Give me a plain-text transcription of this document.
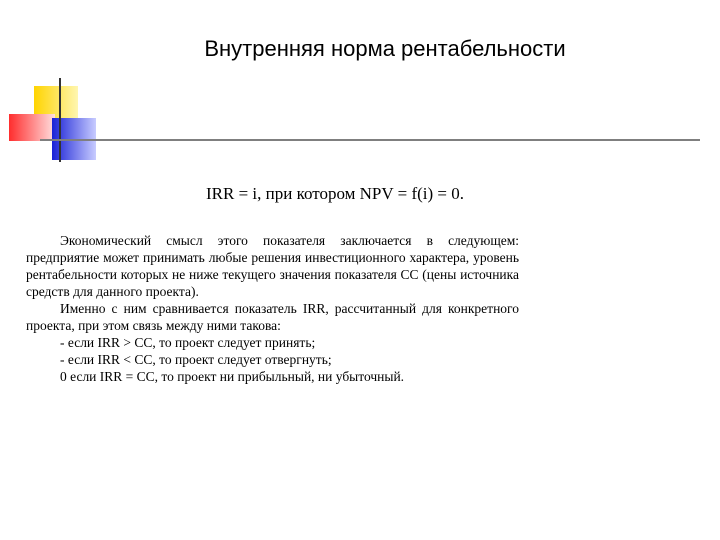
Внутренняя норма рентабельности
IRR = i, при котором NPV = f(i) = 0.

Экономический смысл этого показателя заключается в следующем: предприятие может принимать любые решения инвестиционного характера, уровень рентабельности которых не ниже текущего значения показателя СС (цены источника средств для данного проекта).

Именно с ним сравнивается показатель IRR, рассчитанный для конкретного проекта, при этом связь между ними такова:

- если IRR > CC, то проект следует принять;

- если IRR < CC, то проект следует отвергнуть;

0 если IRR = CC, то проект ни прибыльный, ни убыточный.
